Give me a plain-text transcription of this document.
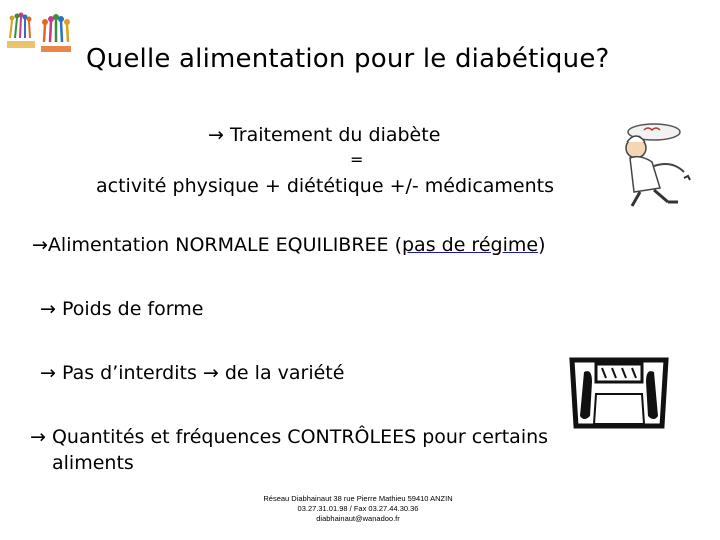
Quelle alimentation pour le diabétique?
→ Traitement du diabète
=
activité physique + diététique +/- médicaments
→Alimentation NORMALE EQUILIBREE (pas de régime)
→ Poids de forme
→ Pas d’interdits → de la variété
→ Quantités et fréquences CONTRÔLEES pour certains
aliments
Réseau Diabhainaut 38 rue Pierre Mathieu 59410 ANZIN
03.27.31.01.98 / Fax 03.27.44.30.36
diabhainaut@wanadoo.fr
